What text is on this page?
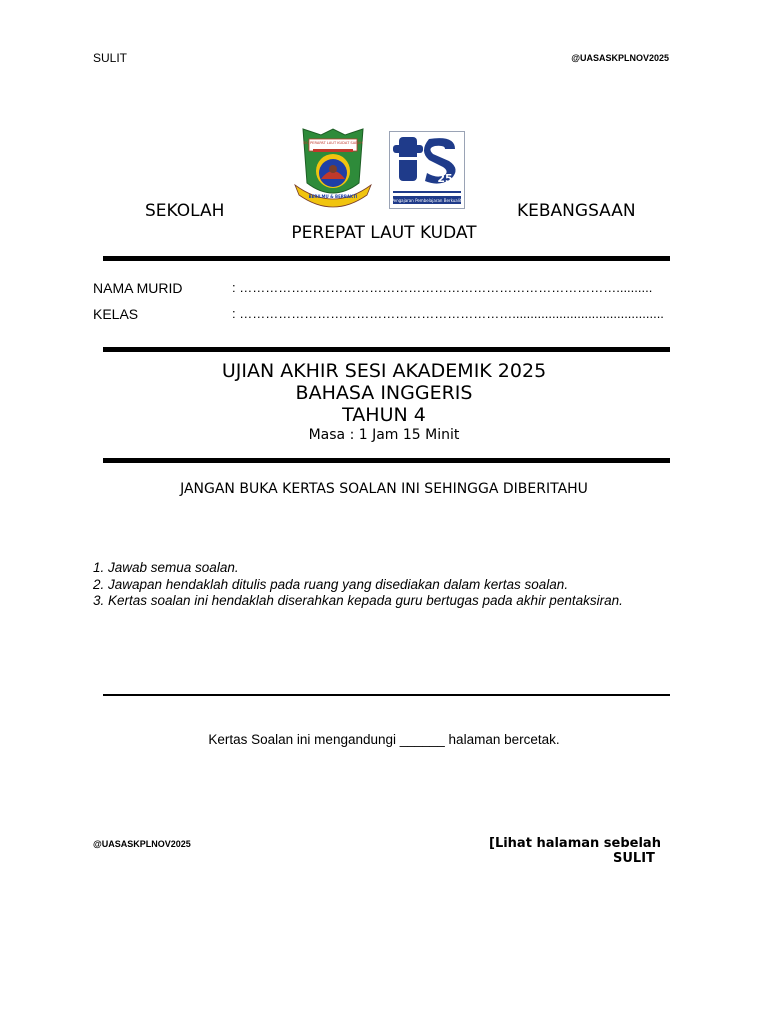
SULIT	@UASASKPLNOV2025
SK. PERAPAT LAUT KUDAT SABAH
BERILMU & BERBAKTI
25
Pengajaran Pembelajaran Berkualiti
SEKOLAH	KEBANGSAAN
PEREPAT LAUT KUDAT
NAMA MURID	: ……………………………………………………………………………..........
KELAS	: ………………………………………………………..........................................
UJIAN AKHIR SESI AKADEMIK 2025
BAHASA INGGERIS
TAHUN 4
Masa : 1 Jam 15 Minit
JANGAN BUKA KERTAS SOALAN INI SEHINGGA DIBERITAHU
1. Jawab semua soalan.
2. Jawapan hendaklah ditulis pada ruang yang disediakan dalam kertas soalan.
3. Kertas soalan ini hendaklah diserahkan kepada guru bertugas pada akhir pentaksiran.
Kertas Soalan ini mengandungi ______ halaman bercetak.
@UASASKPLNOV2025	[Lihat halaman sebelah
SULIT
